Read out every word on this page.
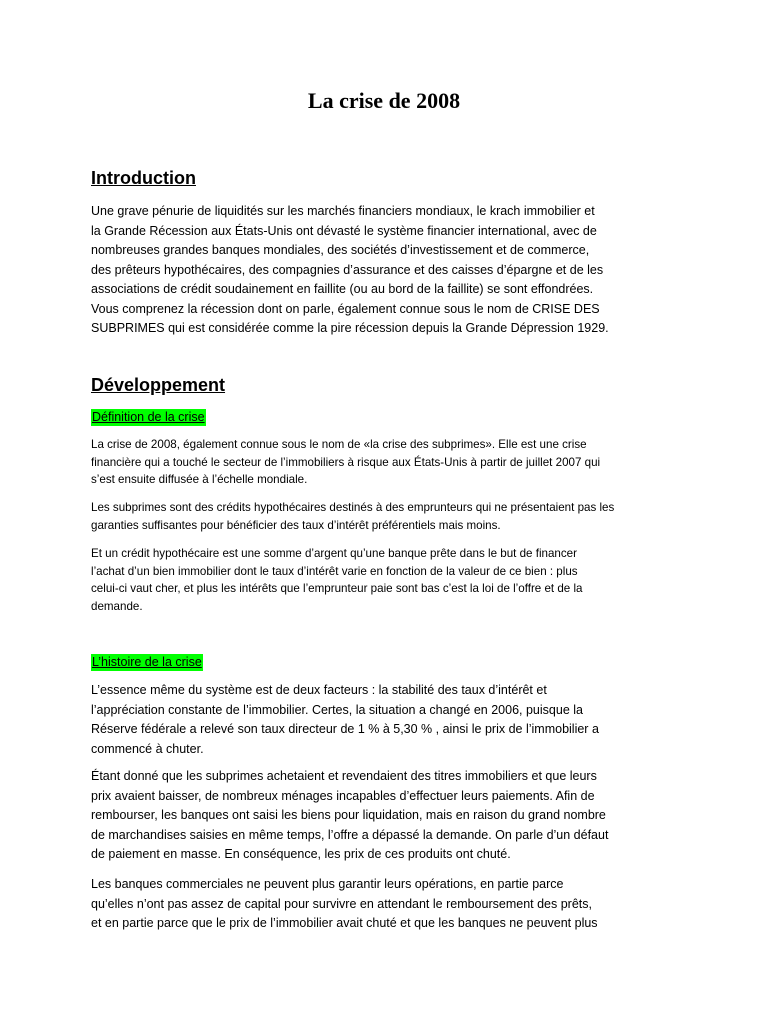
La crise de 2008
Introduction

Une grave pénurie de liquidités sur les marchés financiers mondiaux, le krach immobilier et
la Grande Récession aux États-Unis ont dévasté le système financier international, avec de
nombreuses grandes banques mondiales, des sociétés d’investissement et de commerce,
des prêteurs hypothécaires, des compagnies d’assurance et des caisses d’épargne et de les
associations de crédit soudainement en faillite (ou au bord de la faillite) se sont effondrées.
Vous comprenez la récession dont on parle, également connue sous le nom de CRISE DES
SUBPRIMES qui est considérée comme la pire récession depuis la Grande Dépression 1929.

Développement
Définition de la crise

La crise de 2008, également connue sous le nom de «la crise des subprimes». Elle est une crise
financière qui a touché le secteur de l’immobiliers à risque aux États-Unis à partir de juillet 2007 qui
s’est ensuite diffusée à l’échelle mondiale.

Les subprimes sont des crédits hypothécaires destinés à des emprunteurs qui ne présentaient pas les
garanties suffisantes pour bénéficier des taux d’intérêt préférentiels mais moins.

Et un crédit hypothécaire est une somme d’argent qu’une banque prête dans le but de financer
l’achat d’un bien immobilier dont le taux d’intérêt varie en fonction de la valeur de ce bien : plus
celui-ci vaut cher, et plus les intérêts que l’emprunteur paie sont bas c’est la loi de l’offre et de la
demande.

L’histoire de la crise

L’essence même du système est de deux facteurs : la stabilité des taux d’intérêt et
l’appréciation constante de l’immobilier. Certes, la situation a changé en 2006, puisque la
Réserve fédérale a relevé son taux directeur de 1 % à 5,30 % , ainsi le prix de l’immobilier a
commencé à chuter.

Étant donné que les subprimes achetaient et revendaient des titres immobiliers et que leurs
prix avaient baisser, de nombreux ménages incapables d’effectuer leurs paiements. Afin de
rembourser, les banques ont saisi les biens pour liquidation, mais en raison du grand nombre
de marchandises saisies en même temps, l’offre a dépassé la demande. On parle d’un défaut
de paiement en masse. En conséquence, les prix de ces produits ont chuté.

Les banques commerciales ne peuvent plus garantir leurs opérations, en partie parce
qu’elles n’ont pas assez de capital pour survivre en attendant le remboursement des prêts,
et en partie parce que le prix de l’immobilier avait chuté et que les banques ne peuvent plus
